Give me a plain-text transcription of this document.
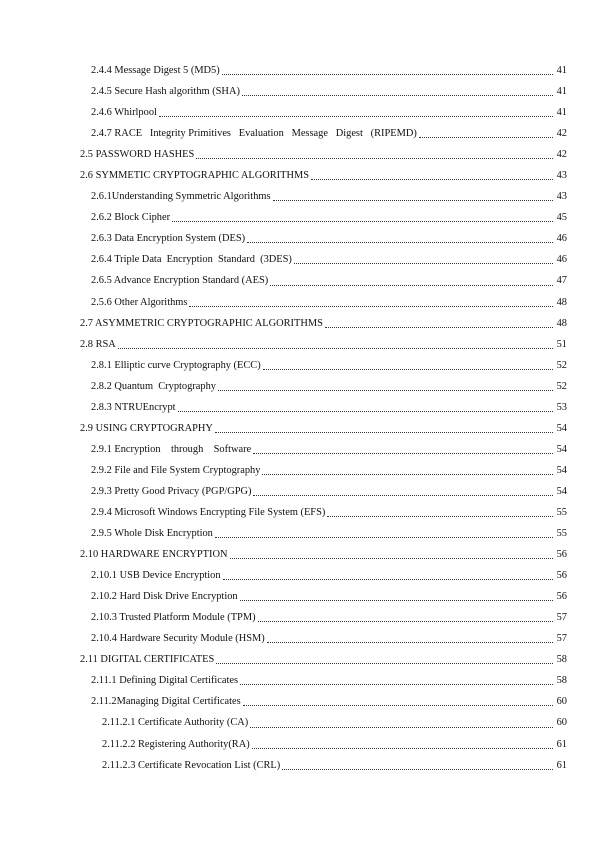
2.4.4 Message Digest 5 (MD5)	41
2.4.5 Secure Hash algorithm (SHA)	41
2.4.6 Whirlpool	41
2.4.7 RACE   Integrity Primitives   Evaluation   Message   Digest   (RIPEMD)	42
2.5 PASSWORD HASHES	42
2.6 SYMMETIC CRYPTOGRAPHIC ALGORITHMS	43
2.6.1Understanding Symmetric Algorithms	43
2.6.2 Block Cipher	45
2.6.3 Data Encryption System (DES)	46
2.6.4 Triple Data  Encryption  Standard  (3DES)	46
2.6.5 Advance Encryption Standard (AES)	47
2.5.6 Other Algorithms	48
2.7 ASYMMETRIC CRYPTOGRAPHIC ALGORITHMS	48
2.8 RSA	51
2.8.1 Elliptic curve Cryptography (ECC)	52
2.8.2 Quantum  Cryptography	52
2.8.3 NTRUEncrypt	53
2.9 USING CRYPTOGRAPHY	54
2.9.1 Encryption    through    Software	54
2.9.2 File and File System Cryptography	54
2.9.3 Pretty Good Privacy (PGP/GPG)	54
2.9.4 Microsoft Windows Encrypting File System (EFS)	55
2.9.5 Whole Disk Encryption	55
2.10 HARDWARE ENCRYPTION	56
2.10.1 USB Device Encryption	56
2.10.2 Hard Disk Drive Encryption	56
2.10.3 Trusted Platform Module (TPM)	57
2.10.4 Hardware Security Module (HSM)	57
2.11 DIGITAL CERTIFICATES	58
2.11.1 Defining Digital Certificates	58
2.11.2Managing Digital Certificates	60
2.11.2.1 Certificate Authority (CA)	60
2.11.2.2 Registering Authority(RA)	61
2.11.2.3 Certificate Revocation List (CRL)	61
